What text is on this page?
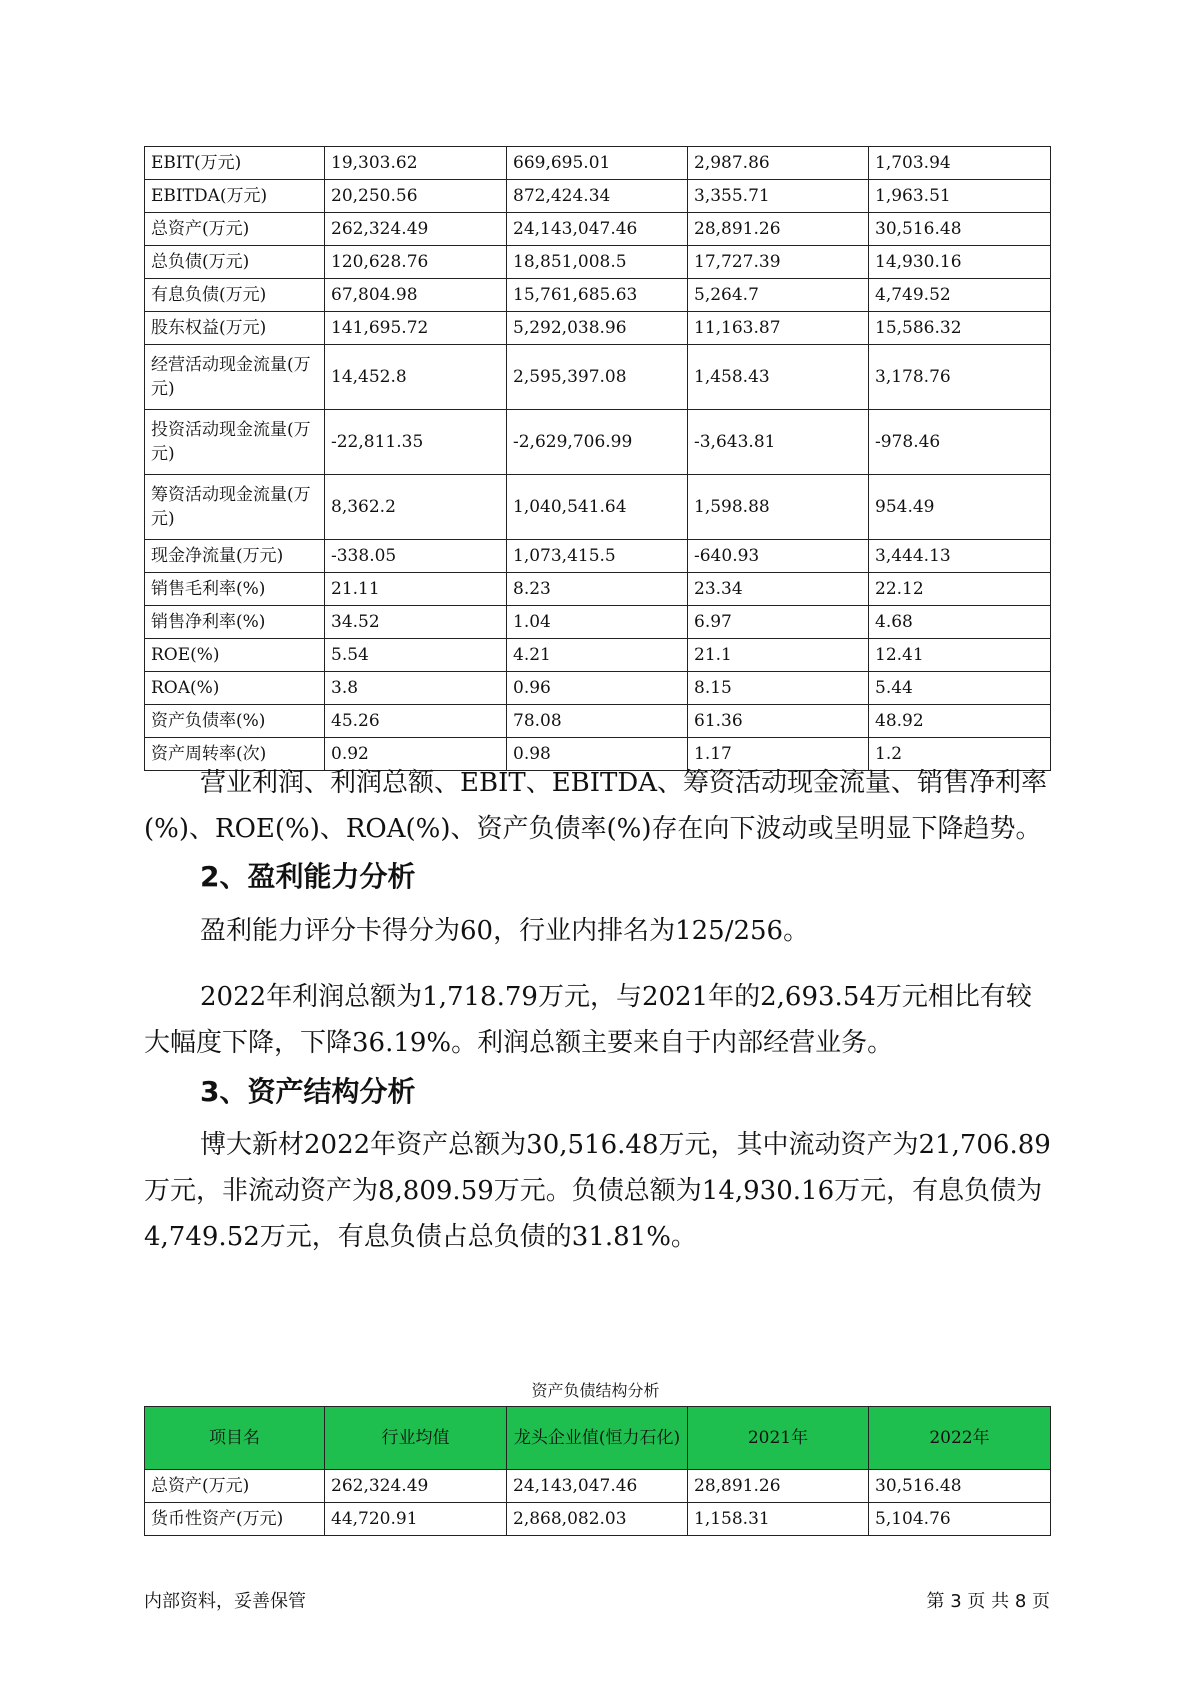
EBIT(万元)	19,303.62	669,695.01	2,987.86	1,703.94
EBITDA(万元)	20,250.56	872,424.34	3,355.71	1,963.51
总资产(万元)	262,324.49	24,143,047.46	28,891.26	30,516.48
总负债(万元)	120,628.76	18,851,008.5	17,727.39	14,930.16
有息负债(万元)	67,804.98	15,761,685.63	5,264.7	4,749.52
股东权益(万元)	141,695.72	5,292,038.96	11,163.87	15,586.32
经营活动现金流量(万元)	14,452.8	2,595,397.08	1,458.43	3,178.76
投资活动现金流量(万元)	-22,811.35	-2,629,706.99	-3,643.81	-978.46
筹资活动现金流量(万元)	8,362.2	1,040,541.64	1,598.88	954.49
现金净流量(万元)	-338.05	1,073,415.5	-640.93	3,444.13
销售毛利率(%)	21.11	8.23	23.34	22.12
销售净利率(%)	34.52	1.04	6.97	4.68
ROE(%)	5.54	4.21	21.1	12.41
ROA(%)	3.8	0.96	8.15	5.44
资产负债率(%)	45.26	78.08	61.36	48.92
资产周转率(次)	0.92	0.98	1.17	1.2

营业利润、利润总额、EBIT、EBITDA、筹资活动现金流量、销售净利率(%)、ROE(%)、ROA(%)、资产负债率(%)存在向下波动或呈明显下降趋势。

2、盈利能力分析

盈利能力评分卡得分为60，行业内排名为125/256。

2022年利润总额为1,718.79万元，与2021年的2,693.54万元相比有较大幅度下降，下降36.19%。利润总额主要来自于内部经营业务。

3、资产结构分析

博大新材2022年资产总额为30,516.48万元，其中流动资产为21,706.89万元，非流动资产为8,809.59万元。负债总额为14,930.16万元，有息负债为4,749.52万元，有息负债占总负债的31.81%。

资产负债结构分析

项目名	行业均值	龙头企业值(恒力石化)	2021年	2022年
总资产(万元)	262,324.49	24,143,047.46	28,891.26	30,516.48
货币性资产(万元)	44,720.91	2,868,082.03	1,158.31	5,104.76

内部资料，妥善保管	第 3 页 共 8 页
